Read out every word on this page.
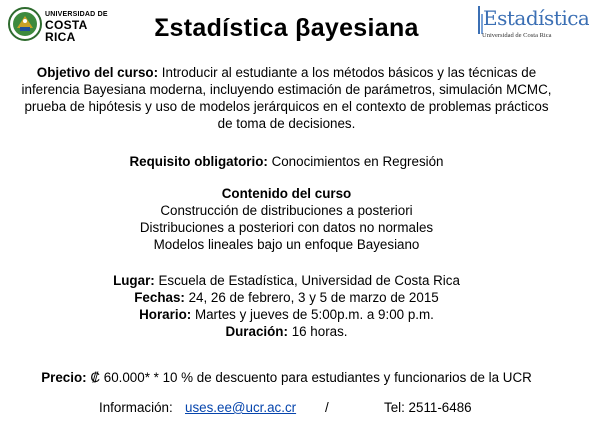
UNIVERSIDAD DE
COSTA RICA
Estadística
Universidad de Costa Rica
Σstadística βayesiana
Objetivo del curso: Introducir al estudiante a los métodos básicos y las técnicas de inferencia Bayesiana moderna, incluyendo estimación de parámetros, simulación MCMC, prueba de hipótesis y uso de modelos jerárquicos en el contexto de problemas prácticos de toma de decisiones.
Requisito obligatorio: Conocimientos en Regresión
Contenido del curso
Construcción de distribuciones a posteriori
Distribuciones a posteriori con datos no normales
Modelos lineales bajo un enfoque Bayesiano
Lugar: Escuela de Estadística, Universidad de Costa Rica
Fechas: 24, 26 de febrero, 3 y 5 de marzo de 2015
Horario: Martes y jueves de 5:00p.m. a 9:00 p.m.
Duración: 16 horas.
Precio: ₡ 60.000* * 10 % de descuento para estudiantes y funcionarios de la UCR
Información: uses.ee@ucr.ac.cr /	Tel: 2511-6486
